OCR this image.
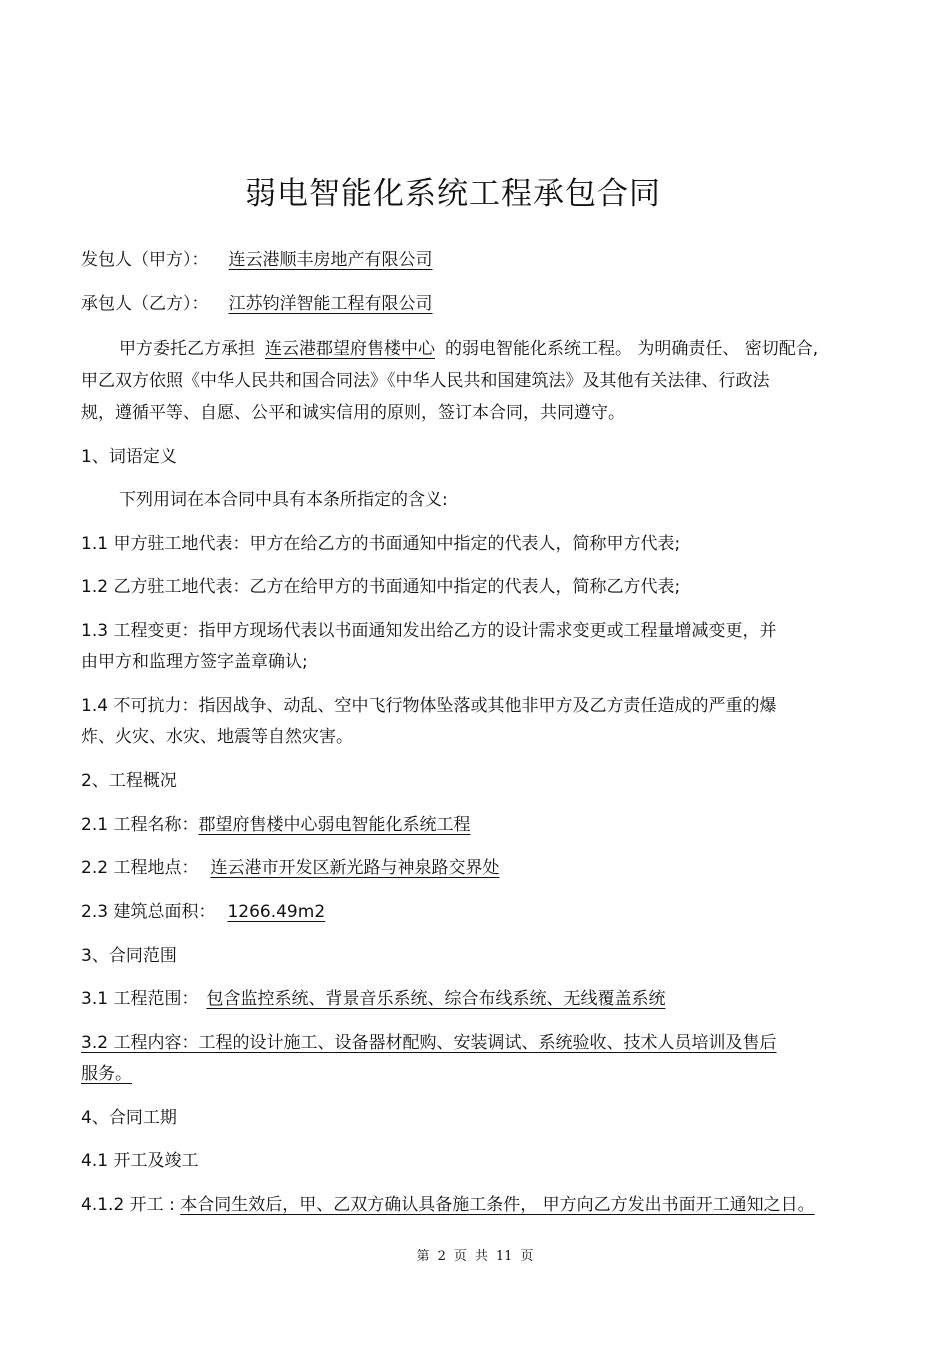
弱电智能化系统工程承包合同
发包人（甲方）： 连云港顺丰房地产有限公司
承包人（乙方）： 江苏钧洋智能工程有限公司
甲方委托乙方承担 连云港郡望府售楼中心 的弱电智能化系统工程。 为明确责任、 密切配合,
甲乙双方依照《中华人民共和国合同法》《中华人民共和国建筑法》及其他有关法律、行政法
规，遵循平等、自愿、公平和诚实信用的原则，签订本合同，共同遵守。
1、词语定义
下列用词在本合同中具有本条所指定的含义:
1.1 甲方驻工地代表：甲方在给乙方的书面通知中指定的代表人，简称甲方代表;
1.2 乙方驻工地代表：乙方在给甲方的书面通知中指定的代表人，简称乙方代表;
1.3 工程变更：指甲方现场代表以书面通知发出给乙方的设计需求变更或工程量增减变更，并
由甲方和监理方签字盖章确认;
1.4 不可抗力：指因战争、动乱、空中飞行物体坠落或其他非甲方及乙方责任造成的严重的爆
炸、火灾、水灾、地震等自然灾害。
2、工程概况
2.1 工程名称：郡望府售楼中心弱电智能化系统工程
2.2 工程地点： 连云港市开发区新光路与神泉路交界处
2.3 建筑总面积： 1266.49m2
3、合同范围
3.1 工程范围： 包含监控系统、背景音乐系统、综合布线系统、无线覆盖系统
3.2 工程内容：工程的设计施工、设备器材配购、安装调试、系统验收、技术人员培训及售后
服务。
4、合同工期
4.1 开工及竣工
4.1.2 开工 : 本合同生效后，甲、乙双方确认具备施工条件， 甲方向乙方发出书面开工通知之日。
第 2 页 共 11 页
